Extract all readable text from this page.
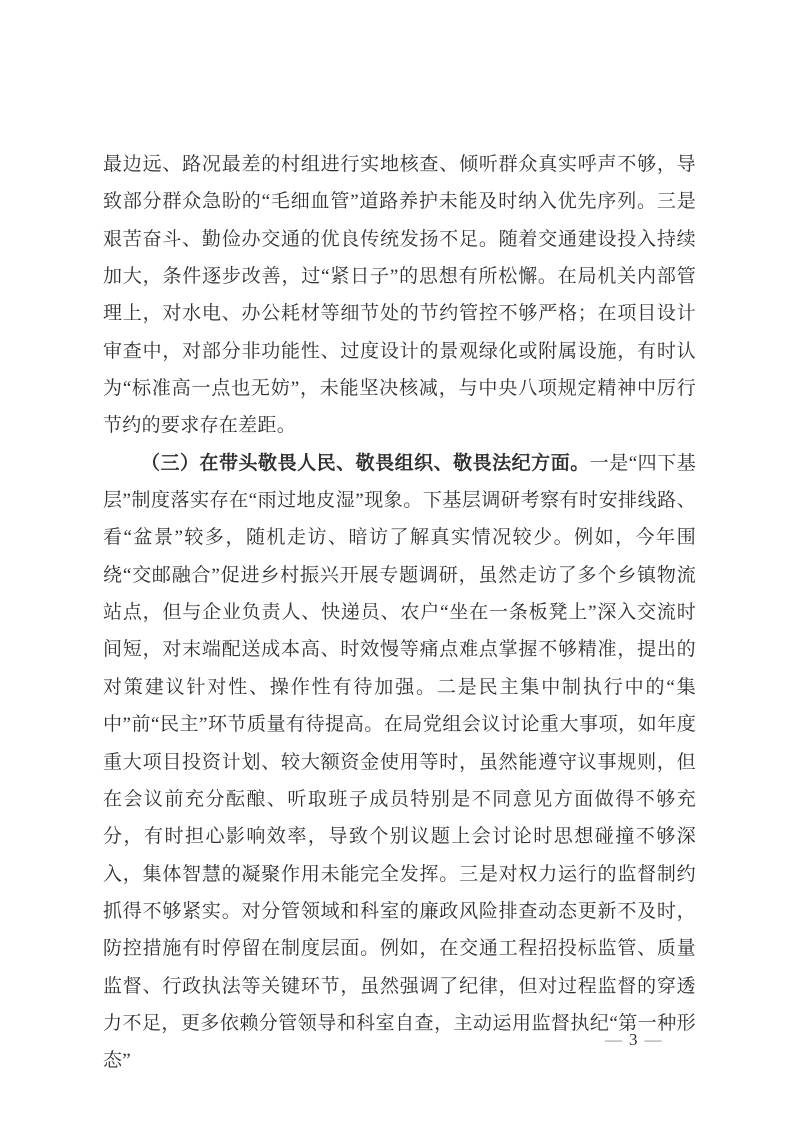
最边远、路况最差的村组进行实地核查、倾听群众真实呼声不够，导致部分群众急盼的“毛细血管”道路养护未能及时纳入优先序列。三是艰苦奋斗、勤俭办交通的优良传统发扬不足。随着交通建设投入持续加大，条件逐步改善，过“紧日子”的思想有所松懈。在局机关内部管理上，对水电、办公耗材等细节处的节约管控不够严格；在项目设计审查中，对部分非功能性、过度设计的景观绿化或附属设施，有时认为“标准高一点也无妨”，未能坚决核减，与中央八项规定精神中厉行节约的要求存在差距。

（三）在带头敬畏人民、敬畏组织、敬畏法纪方面。一是“四下基层”制度落实存在“雨过地皮湿”现象。下基层调研考察有时安排线路、看“盆景”较多，随机走访、暗访了解真实情况较少。例如，今年围绕“交邮融合”促进乡村振兴开展专题调研，虽然走访了多个乡镇物流站点，但与企业负责人、快递员、农户“坐在一条板凳上”深入交流时间短，对末端配送成本高、时效慢等痛点难点掌握不够精准，提出的对策建议针对性、操作性有待加强。二是民主集中制执行中的“集中”前“民主”环节质量有待提高。在局党组会议讨论重大事项，如年度重大项目投资计划、较大额资金使用等时，虽然能遵守议事规则，但在会议前充分酝酿、听取班子成员特别是不同意见方面做得不够充分，有时担心影响效率，导致个别议题上会讨论时思想碰撞不够深入，集体智慧的凝聚作用未能完全发挥。三是对权力运行的监督制约抓得不够紧实。对分管领域和科室的廉政风险排查动态更新不及时，防控措施有时停留在制度层面。例如，在交通工程招投标监管、质量监督、行政执法等关键环节，虽然强调了纪律，但对过程监督的穿透力不足，更多依赖分管领导和科室自查，主动运用监督执纪“第一种形态”

— 3 —
